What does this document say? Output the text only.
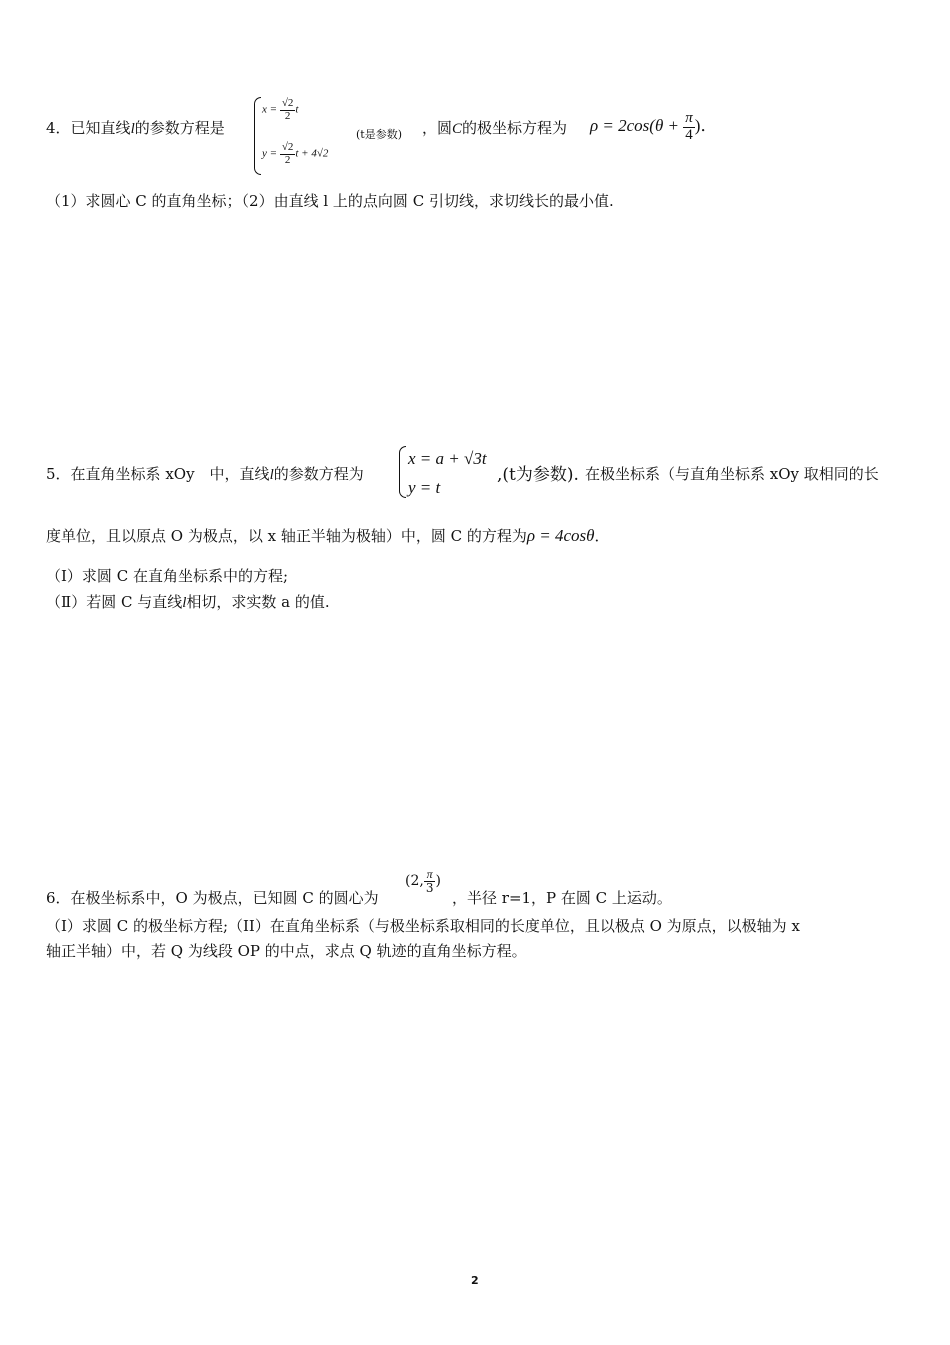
4．已知直线l的参数方程是
$x = \frac{√2}{2}$ t
$y = \frac{√2}{2}$ t + 4√2
(t是参数) ，圆C的极坐标方程为 $\rho = 2\cos(\theta + \frac{\pi}{4}$ )．
（1）求圆心 C 的直角坐标；（2）由直线 l 上的点向圆 C 引切线，求切线长的最小值.
5．在直角坐标系 xOy　中，直线l的参数方程为
x = a + √3t
y = t
,(t为参数). 在极坐标系（与直角坐标系 xOy 取相同的长
度单位，且以原点 O 为极点，以 x 轴正半轴为极轴）中，圆 C 的方程为ρ = 4cosθ．
（Ⅰ）求圆 C 在直角坐标系中的方程;
（Ⅱ）若圆 C 与直线l相切，求实数 a 的值.
6．在极坐标系中，O 为极点，已知圆 C 的圆心为
(2, $\frac{\pi}{3}$ )
，半径 r=1，P 在圆 C 上运动。
（I）求圆 C 的极坐标方程;（II）在直角坐标系（与极坐标系取相同的长度单位，且以极点 O 为原点，以极轴为 x
轴正半轴）中，若 Q 为线段 OP 的中点，求点 Q 轨迹的直角坐标方程。
2
